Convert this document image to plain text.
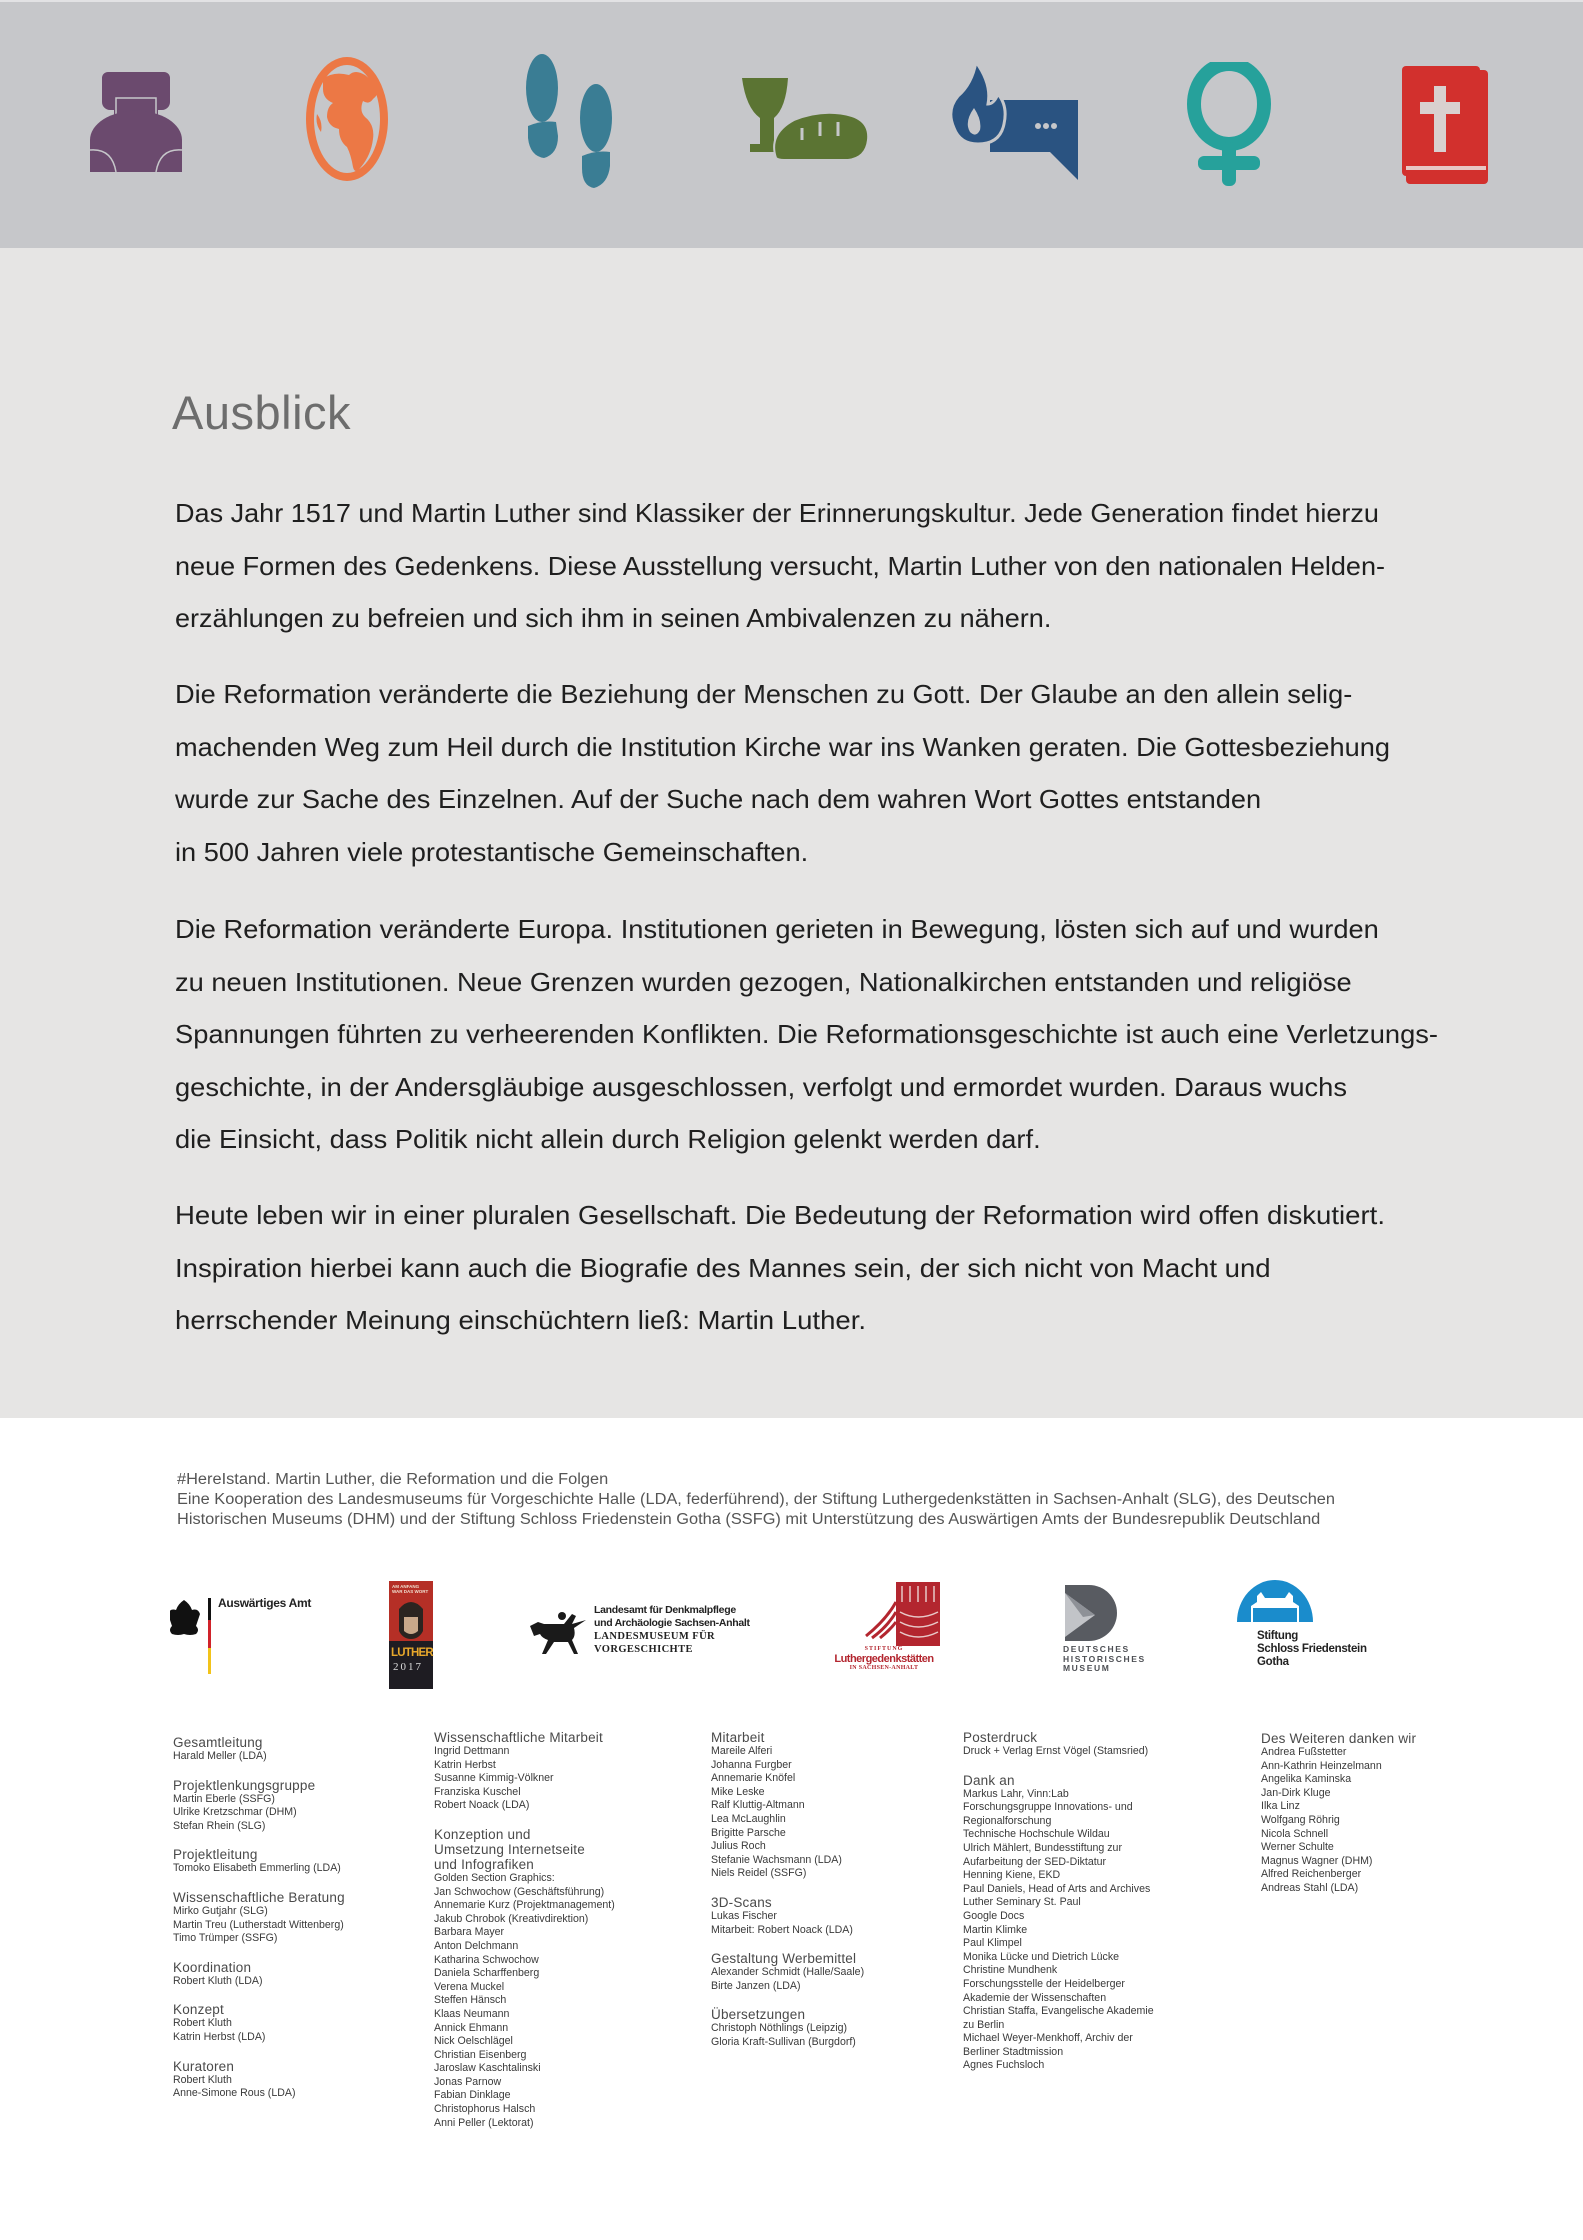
Ausblick
Das Jahr 1517 und Martin Luther sind Klassiker der Erinnerungskultur. Jede Generation findet hierzu
neue Formen des Gedenkens. Diese Ausstellung versucht, Martin Luther von den nationalen Helden-
erzählungen zu befreien und sich ihm in seinen Ambivalenzen zu nähern.
Die Reformation veränderte die Beziehung der Menschen zu Gott. Der Glaube an den allein selig-
machenden Weg zum Heil durch die Institution Kirche war ins Wanken geraten. Die Gottesbeziehung
wurde zur Sache des Einzelnen. Auf der Suche nach dem wahren Wort Gottes entstanden
in 500 Jahren viele protestantische Gemeinschaften.
Die Reformation veränderte Europa. Institutionen gerieten in Bewegung, lösten sich auf und wurden
zu neuen Institutionen. Neue Grenzen wurden gezogen, Nationalkirchen entstanden und religiöse
Spannungen führten zu verheerenden Konflikten. Die Reformationsgeschichte ist auch eine Verletzungs-
geschichte, in der Andersgläubige ausgeschlossen, verfolgt und ermordet wurden. Daraus wuchs
die Einsicht, dass Politik nicht allein durch Religion gelenkt werden darf.
Heute leben wir in einer pluralen Gesellschaft. Die Bedeutung der Reformation wird offen diskutiert.
Inspiration hierbei kann auch die Biografie des Mannes sein, der sich nicht von Macht und
herrschender Meinung einschüchtern ließ: Martin Luther.
#HereIstand. Martin Luther, die Reformation und die Folgen
Eine Kooperation des Landesmuseums für Vorgeschichte Halle (LDA, federführend), der Stiftung Luthergedenkstätten in Sachsen-Anhalt (SLG), des Deutschen
Historischen Museums (DHM) und der Stiftung Schloss Friedenstein Gotha (SSFG) mit Unterstützung des Auswärtigen Amts der Bundesrepublik Deutschland
Auswärtiges Amt
AM ANFANG WAR DAS WORT
LUTHER
2017
Landesamt für Denkmalpflege
und Archäologie Sachsen-Anhalt
LANDESMUSEUM FÜR
VORGESCHICHTE	STIFTUNG
Luthergedenkstätten
IN SACHSEN-ANHALT
DEUTSCHES
HISTORISCHES
MUSEUM
Stiftung
Schloss Friedenstein
Gotha
Gesamtleitung
Harald Meller (LDA)
Projektlenkungsgruppe
Martin Eberle (SSFG)
Ulrike Kretzschmar (DHM)
Stefan Rhein (SLG)
Projektleitung
Tomoko Elisabeth Emmerling (LDA)
Wissenschaftliche Beratung
Mirko Gutjahr (SLG)
Martin Treu (Lutherstadt Wittenberg)
Timo Trümper (SSFG)
Koordination
Robert Kluth (LDA)
Konzept
Robert Kluth
Katrin Herbst (LDA)
Kuratoren
Robert Kluth
Anne-Simone Rous (LDA)
Wissenschaftliche Mitarbeit
Ingrid Dettmann
Katrin Herbst
Susanne Kimmig-Völkner
Franziska Kuschel
Robert Noack (LDA)
Konzeption und
Umsetzung Internetseite
und Infografiken
Golden Section Graphics:
Jan Schwochow (Geschäftsführung)
Annemarie Kurz (Projektmanagement)
Jakub Chrobok (Kreativdirektion)
Barbara Mayer
Anton Delchmann
Katharina Schwochow
Daniela Scharffenberg
Verena Muckel
Steffen Hänsch
Klaas Neumann
Annick Ehmann
Nick Oelschlägel
Christian Eisenberg
Jaroslaw Kaschtalinski
Jonas Parnow
Fabian Dinklage
Christophorus Halsch
Anni Peller (Lektorat)
Mitarbeit
Mareile Alferi
Johanna Furgber
Annemarie Knöfel
Mike Leske
Ralf Kluttig-Altmann
Lea McLaughlin
Brigitte Parsche
Julius Roch
Stefanie Wachsmann (LDA)
Niels Reidel (SSFG)
3D-Scans
Lukas Fischer
Mitarbeit: Robert Noack (LDA)
Gestaltung Werbemittel
Alexander Schmidt (Halle/Saale)
Birte Janzen (LDA)
Übersetzungen
Christoph Nöthlings (Leipzig)
Gloria Kraft-Sullivan (Burgdorf)
Posterdruck
Druck + Verlag Ernst Vögel (Stamsried)
Dank an
Markus Lahr, Vinn:Lab
Forschungsgruppe Innovations- und
Regionalforschung
Technische Hochschule Wildau
Ulrich Mählert, Bundesstiftung zur
Aufarbeitung der SED-Diktatur
Henning Kiene, EKD
Paul Daniels, Head of Arts and Archives
Luther Seminary St. Paul
Google Docs
Martin Klimke
Paul Klimpel
Monika Lücke und Dietrich Lücke
Christine Mundhenk
Forschungsstelle der Heidelberger
Akademie der Wissenschaften
Christian Staffa, Evangelische Akademie
zu Berlin
Michael Weyer-Menkhoff, Archiv der
Berliner Stadtmission
Agnes Fuchsloch
Des Weiteren danken wir
Andrea Fußstetter
Ann-Kathrin Heinzelmann
Angelika Kaminska
Jan-Dirk Kluge
Ilka Linz
Wolfgang Röhrig
Nicola Schnell
Werner Schulte
Magnus Wagner (DHM)
Alfred Reichenberger
Andreas Stahl (LDA)
